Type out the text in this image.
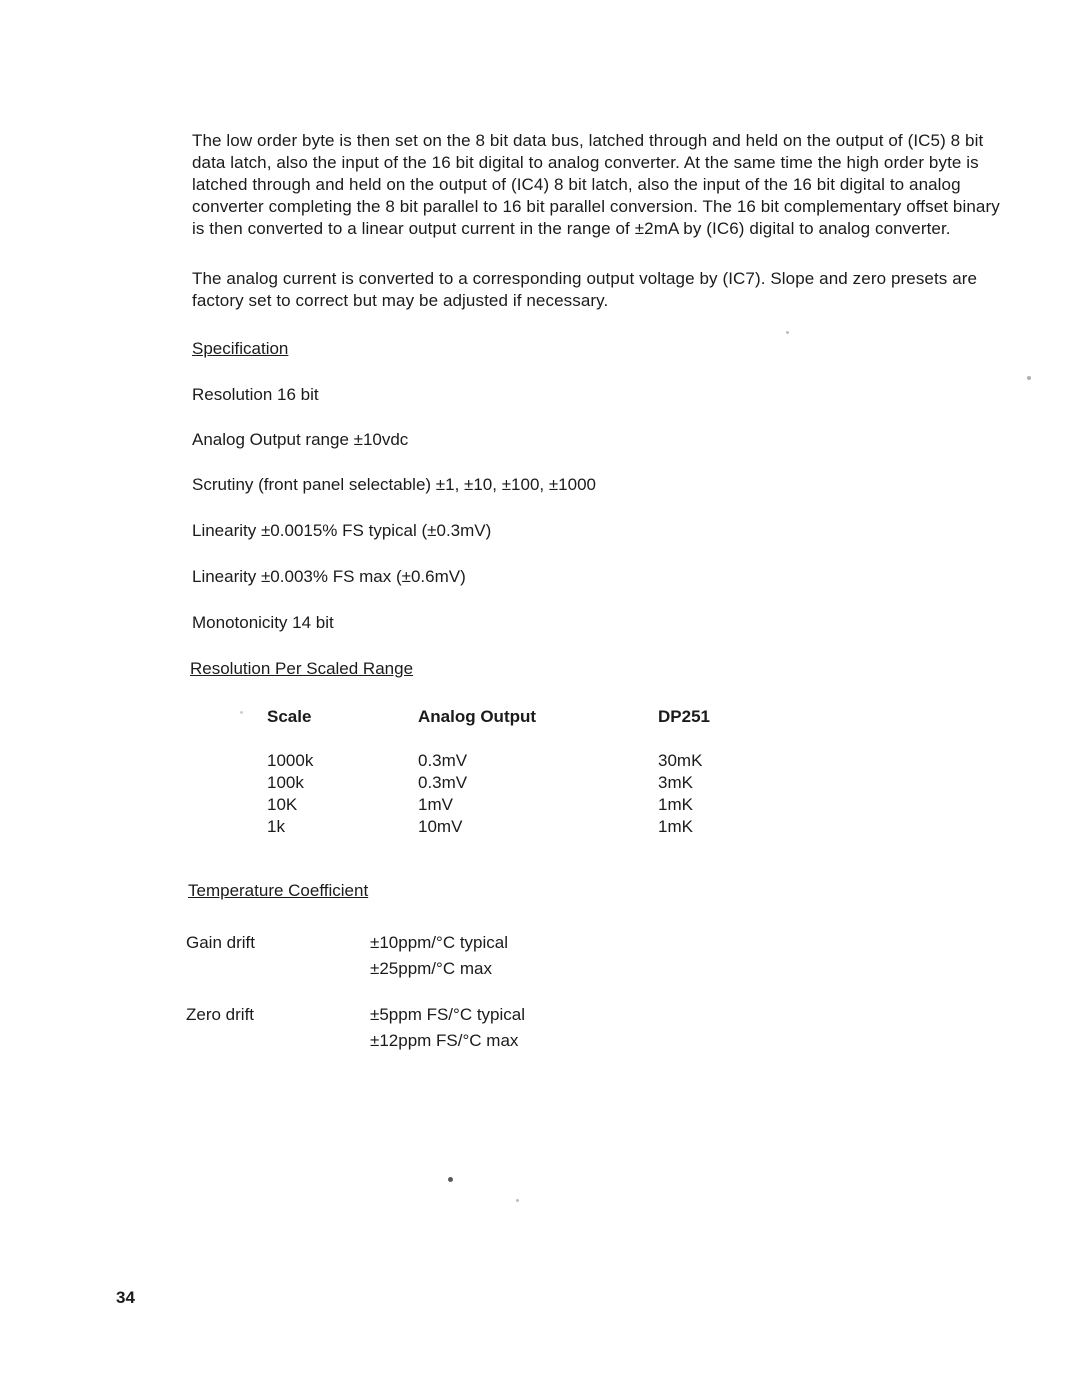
The low order byte is then set on the 8 bit data bus, latched through and held on the output of (IC5) 8 bit data latch, also the input of the 16 bit digital to analog converter. At the same time the high order byte is latched through and held on the output of (IC4) 8 bit latch, also the input of the 16 bit digital to analog converter completing the 8 bit parallel to 16 bit parallel conversion. The 16 bit complementary offset binary is then converted to a linear output current in the range of ±2mA by (IC6) digital to analog converter.

The analog current is converted to a corresponding output voltage by (IC7). Slope and zero presets are factory set to correct but may be adjusted if necessary.

Specification
Resolution 16 bit
Analog Output range ±10vdc
Scrutiny (front panel selectable) ±1, ±10, ±100, ±1000
Linearity ±0.0015% FS typical (±0.3mV)
Linearity ±0.003% FS max (±0.6mV)
Monotonicity 14 bit
Resolution Per Scaled Range
Scale	Analog Output	DP251
1000k	0.3mV	30mK
100k	0.3mV	3mK
10K	1mV	1mK
1k	10mV	1mK
Temperature Coefficient
Gain drift	±10ppm/°C typical
±25ppm/°C max
Zero drift	±5ppm FS/°C typical
±12ppm FS/°C max
34
